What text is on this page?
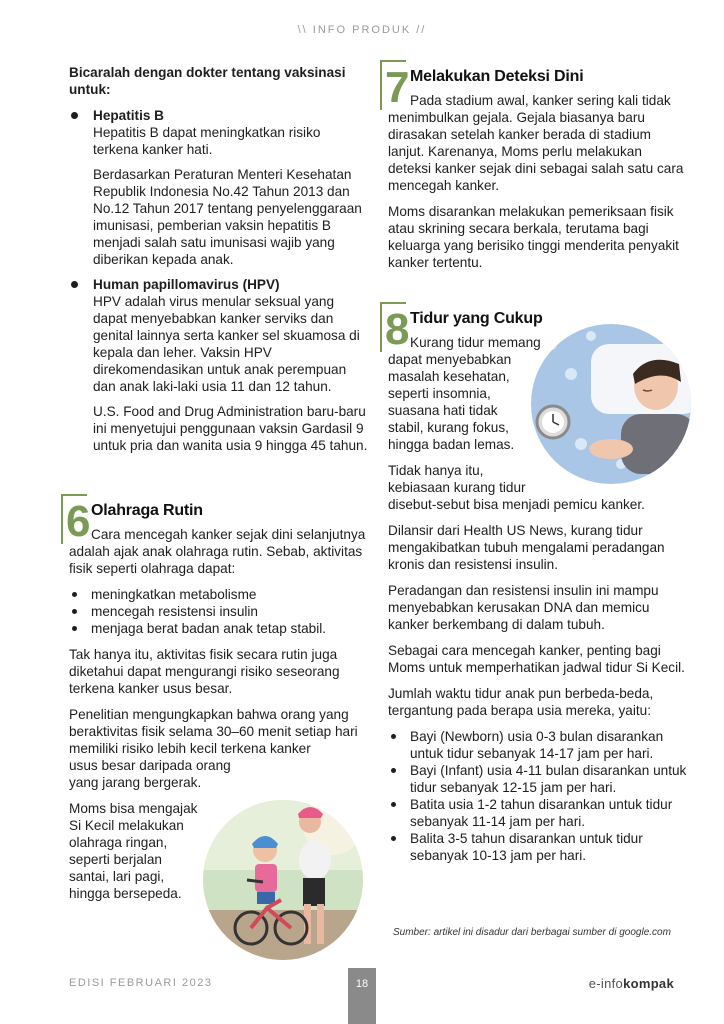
\\ INFO PRODUK //

Bicaralah dengan dokter tentang vaksinasi untuk:

Hepatitis B

Hepatitis B dapat meningkatkan risiko terkena kanker hati.

Berdasarkan Peraturan Menteri Kesehatan Republik Indonesia No.42 Tahun 2013 dan No.12 Tahun 2017 tentang penyelenggaraan imunisasi, pemberian vaksin hepatitis B menjadi salah satu imunisasi wajib yang diberikan kepada anak.

Human papillomavirus (HPV)

HPV adalah virus menular seksual yang dapat menyebabkan kanker serviks dan genital lainnya serta kanker sel skuamosa di kepala dan leher. Vaksin HPV direkomendasikan untuk anak perempuan dan anak laki-laki usia 11 dan 12 tahun.

U.S. Food and Drug Administration baru-baru ini menyetujui penggunaan vaksin Gardasil 9 untuk pria dan wanita usia 9 hingga 45 tahun.

6 Olahraga Rutin

Cara mencegah kanker sejak dini selanjutnya adalah ajak anak olahraga rutin. Sebab, aktivitas fisik seperti olahraga dapat:

meningkatkan metabolisme
mencegah resistensi insulin
menjaga berat badan anak tetap stabil.

Tak hanya itu, aktivitas fisik secara rutin juga diketahui dapat mengurangi risiko seseorang terkena kanker usus besar.

Penelitian mengungkapkan bahwa orang yang beraktivitas fisik selama 30–60 menit setiap hari memiliki risiko lebih kecil terkena kanker
usus besar daripada orang
yang jarang bergerak.

Moms bisa mengajak
Si Kecil melakukan
olahraga ringan,
seperti berjalan
santai, lari pagi,
hingga bersepeda.

7 Melakukan Deteksi Dini

Pada stadium awal, kanker sering kali tidak menimbulkan gejala. Gejala biasanya baru dirasakan setelah kanker berada di stadium lanjut. Karenanya, Moms perlu melakukan deteksi kanker sejak dini sebagai salah satu cara mencegah kanker.

Moms disarankan melakukan pemeriksaan fisik atau skrining secara berkala, terutama bagi keluarga yang berisiko tinggi menderita penyakit kanker tertentu.

8 Tidur yang Cukup

Kurang tidur memang
dapat menyebabkan
masalah kesehatan,
seperti insomnia,
suasana hati tidak
stabil, kurang fokus,
hingga badan lemas.

Tidak hanya itu,
kebiasaan kurang tidur
disebut-sebut bisa menjadi pemicu kanker.

Dilansir dari Health US News, kurang tidur mengakibatkan tubuh mengalami peradangan kronis dan resistensi insulin.

Peradangan dan resistensi insulin ini mampu menyebabkan kerusakan DNA dan memicu kanker berkembang di dalam tubuh.

Sebagai cara mencegah kanker, penting bagi Moms untuk memperhatikan jadwal tidur Si Kecil.

Jumlah waktu tidur anak pun berbeda-beda, tergantung pada berapa usia mereka, yaitu:

Bayi (Newborn) usia 0-3 bulan disarankan untuk tidur sebanyak 14-17 jam per hari.
Bayi (Infant) usia 4-11 bulan disarankan untuk tidur sebanyak 12-15 jam per hari.
Batita usia 1-2 tahun disarankan untuk tidur sebanyak 11-14 jam per hari.
Balita 3-5 tahun disarankan untuk tidur sebanyak 10-13 jam per hari.
Sumber: artikel ini disadur dari berbagai sumber di google.com
EDISI FEBRUARI 2023	18	e-infokompak
